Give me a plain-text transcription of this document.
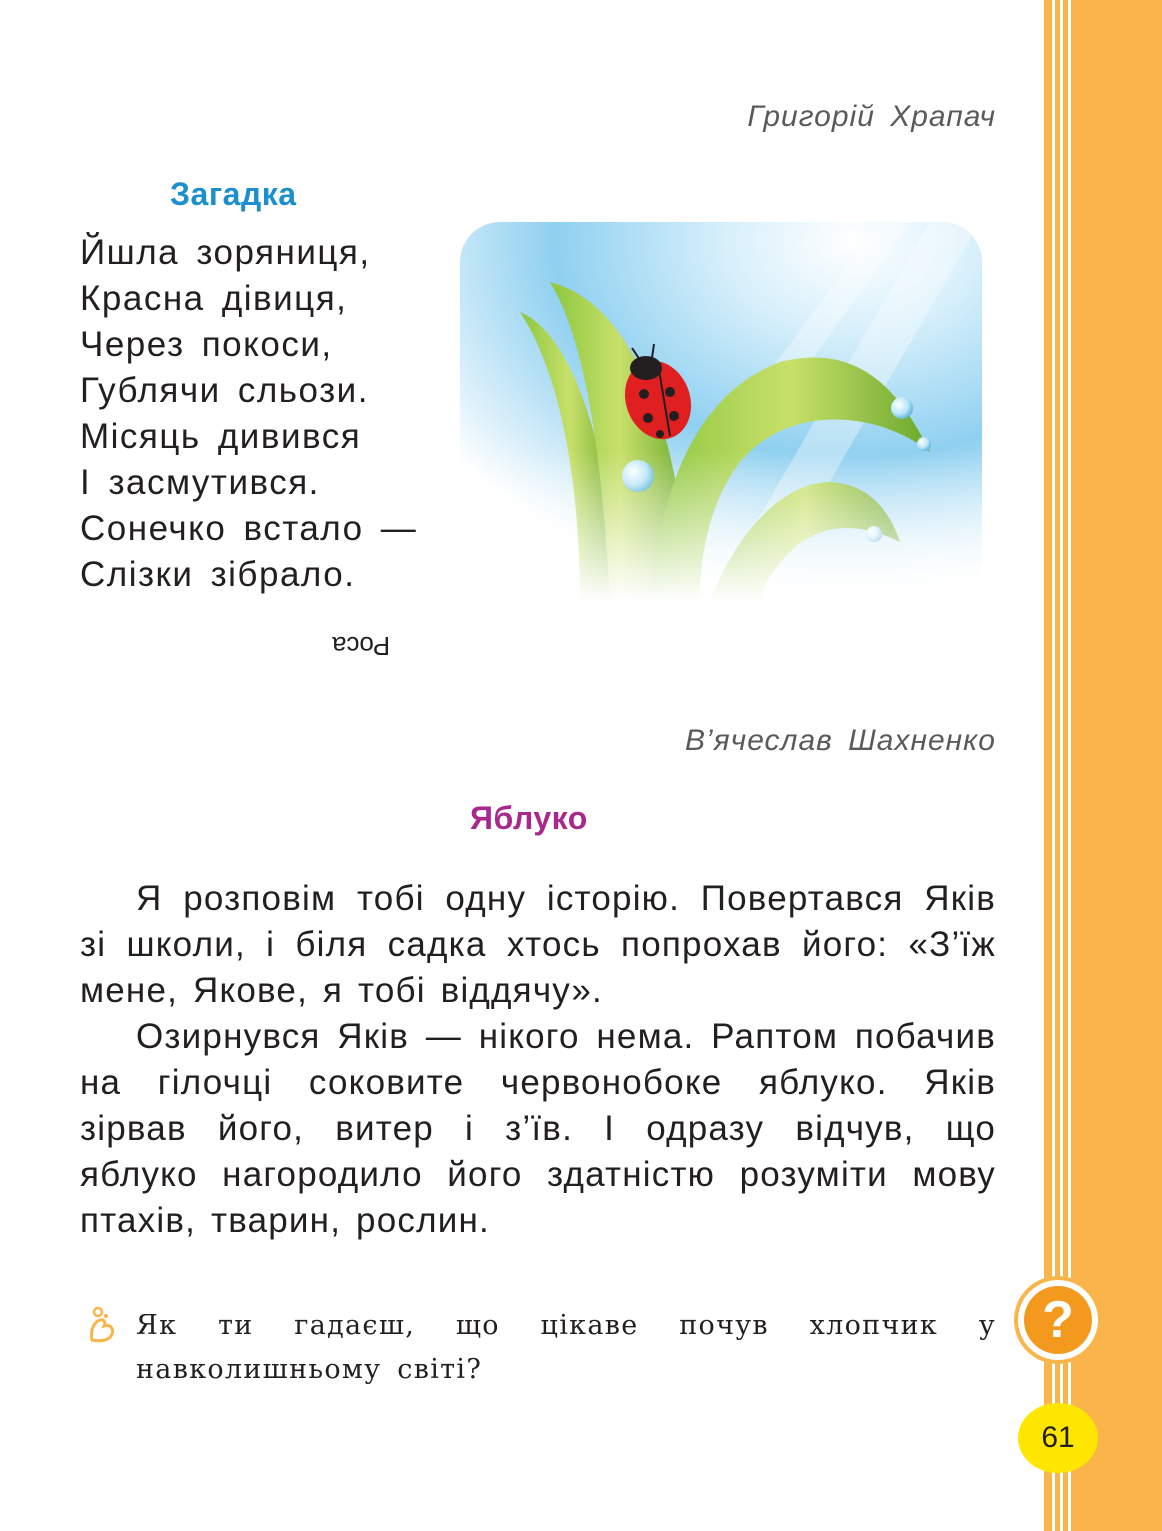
Григорій Храпач

Загадка
Йшла зоряниця,
Красна дівиця,
Через покоси,
Гублячи сльози.
Місяць дивився
І засмутився.
Сонечко встало —
Слізки зібрало.

Роса

В’ячеслав Шахненко

Яблуко

Я розповім тобі одну історію. Повертався Яків зі школи, і біля садка хтось попрохав його: «З’їж мене, Якове, я тобі віддячу».

Озирнувся Яків — нікого нема. Раптом побачив на гілочці соковите червонобоке яблуко. Яків зірвав його, витер і з’їв. І одразу відчув, що яблуко нагородило його здатністю розуміти мову птахів, тварин, рослин.

Як ти гадаєш, що цікаве почув хлопчик у навколишньому світі?

?
61
